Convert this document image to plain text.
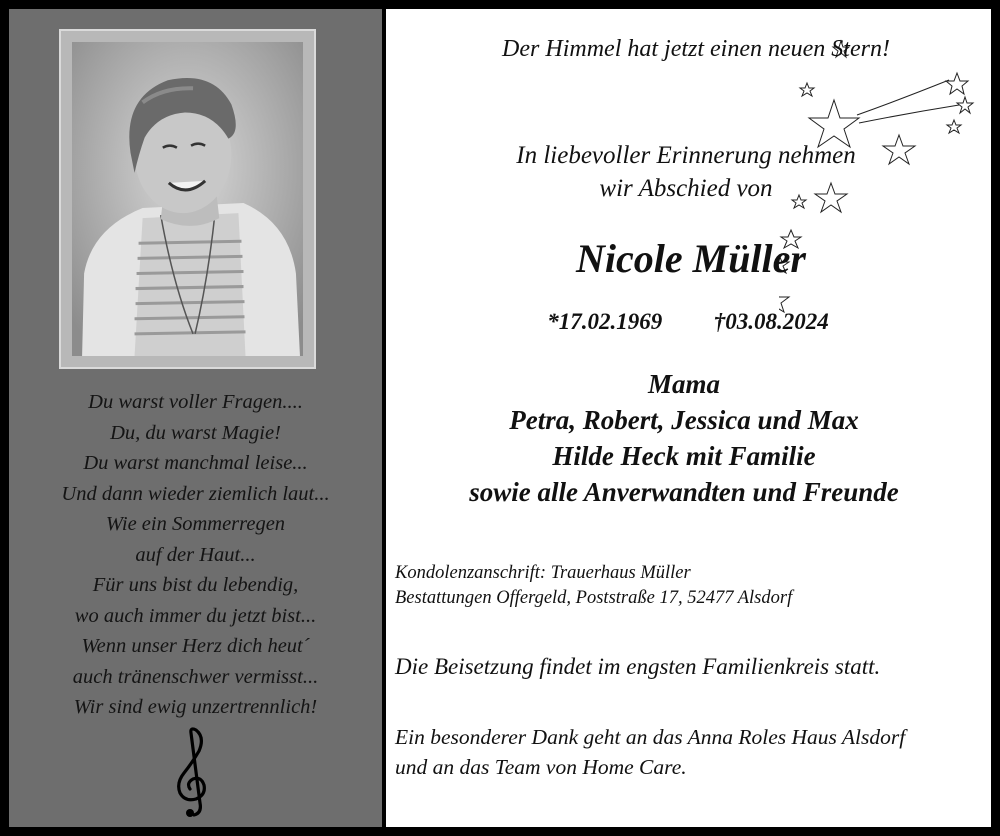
Du warst voller Fragen....
Du, du warst Magie!
Du warst manchmal leise...
Und dann wieder ziemlich laut...
Wie ein Sommerregen
auf der Haut...
Für uns bist du lebendig,
wo auch immer du jetzt bist...
Wenn unser Herz dich heut´
auch tränenschwer vermisst...
Wir sind ewig unzertrennlich!
Der Himmel hat jetzt einen neuen Stern!
In liebevoller Erinnerung nehmen
wir Abschied von
Nicole Müller
*17.02.1969 †03.08.2024
Mama
Petra, Robert, Jessica und Max
Hilde Heck mit Familie
sowie alle Anverwandten und Freunde
Kondolenzanschrift: Trauerhaus Müller
Bestattungen Offergeld, Poststraße 17, 52477 Alsdorf
Die Beisetzung findet im engsten Familienkreis statt.
Ein besonderer Dank geht an das Anna Roles Haus Alsdorf
und an das Team von Home Care.
